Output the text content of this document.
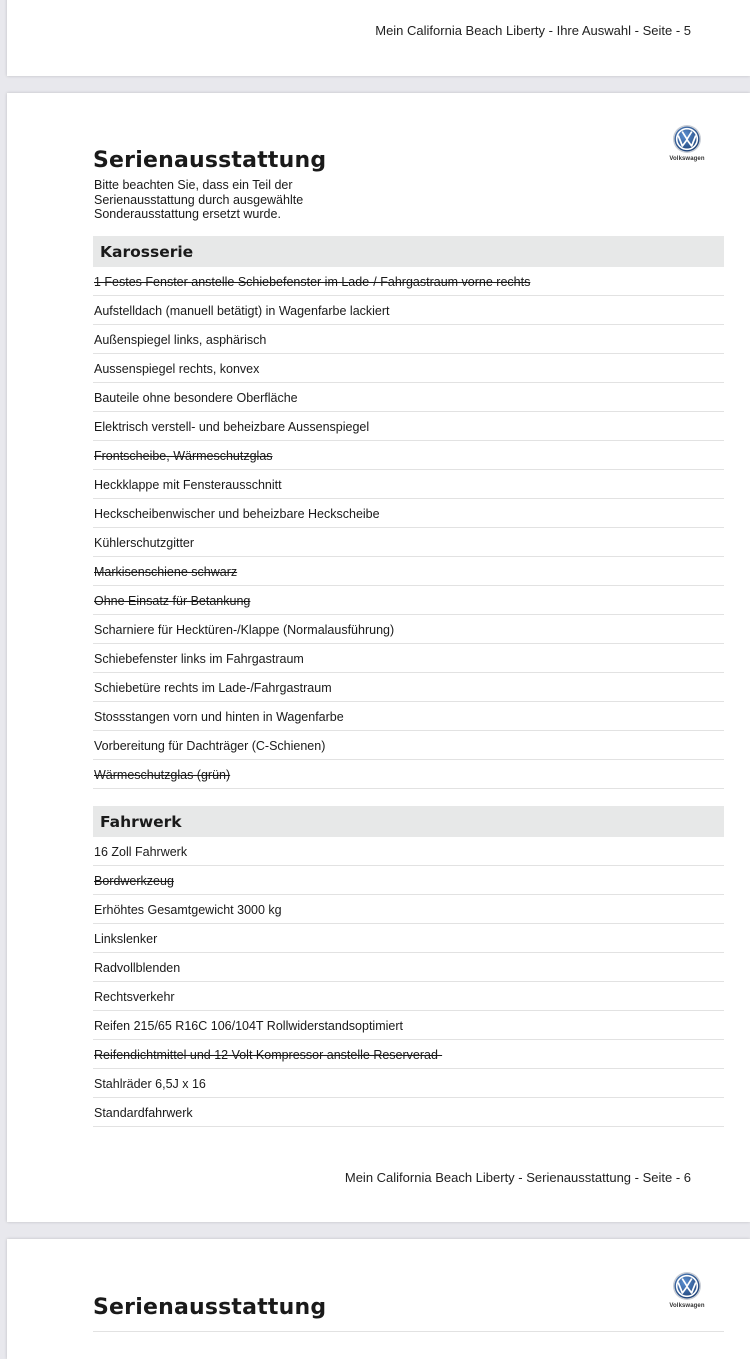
Mein California Beach Liberty - Ihre Auswahl - Seite - 5
Volkswagen
Serienausstattung
Bitte beachten Sie, dass ein Teil der Serienausstattung durch ausgewählte Sonderausstattung ersetzt wurde.
Karosserie
1 Festes Fenster anstelle Schiebefenster im Lade-/ Fahrgastraum vorne rechts
Aufstelldach (manuell betätigt) in Wagenfarbe lackiert
Außenspiegel links, asphärisch
Aussenspiegel rechts, konvex
Bauteile ohne besondere Oberfläche
Elektrisch verstell- und beheizbare Aussenspiegel
Frontscheibe, Wärmeschutzglas
Heckklappe mit Fensterausschnitt
Heckscheibenwischer und beheizbare Heckscheibe
Kühlerschutzgitter
Markisenschiene schwarz
Ohne Einsatz für Betankung
Scharniere für Hecktüren-/Klappe (Normalausführung)
Schiebefenster links im Fahrgastraum
Schiebetüre rechts im Lade-/Fahrgastraum
Stossstangen vorn und hinten in Wagenfarbe
Vorbereitung für Dachträger (C-Schienen)
Wärmeschutzglas (grün)
Fahrwerk
16 Zoll Fahrwerk
Bordwerkzeug
Erhöhtes Gesamtgewicht 3000 kg
Linkslenker
Radvollblenden
Rechtsverkehr
Reifen 215/65 R16C 106/104T Rollwiderstandsoptimiert
Reifendichtmittel und 12 Volt Kompressor anstelle Reserverad-
Stahlräder 6,5J x 16
Standardfahrwerk
Mein California Beach Liberty - Serienausstattung - Seite - 6
Volkswagen
Serienausstattung
